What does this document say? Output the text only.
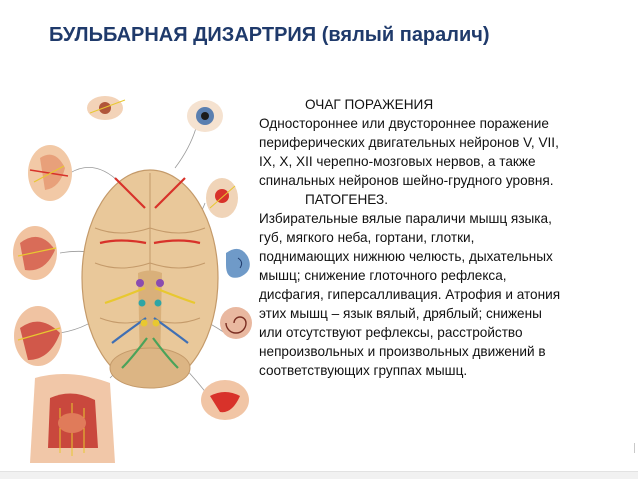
БУЛЬБАРНАЯ ДИЗАРТРИЯ (вялый паралич)

ОЧАГ ПОРАЖЕНИЯ

Одностороннее или двустороннее поражение

периферических двигательных нейронов V, VII,

IX, X, XII черепно-мозговых нервов, а также

спинальных нейронов шейно-грудного уровня.

ПАТОГЕНЕЗ.

Избирательные вялые параличи мышц языка,

губ, мягкого неба, гортани, глотки,

поднимающих нижнюю челюсть, дыхательных

мышц; снижение глоточного рефлекса,

дисфагия, гиперсалливация. Атрофия и атония

этих мышц – язык вялый, дряблый; снижены

или отсутствуют рефлексы, расстройство

непроизвольных и произвольных движений в

соответствующих группах мышц.
